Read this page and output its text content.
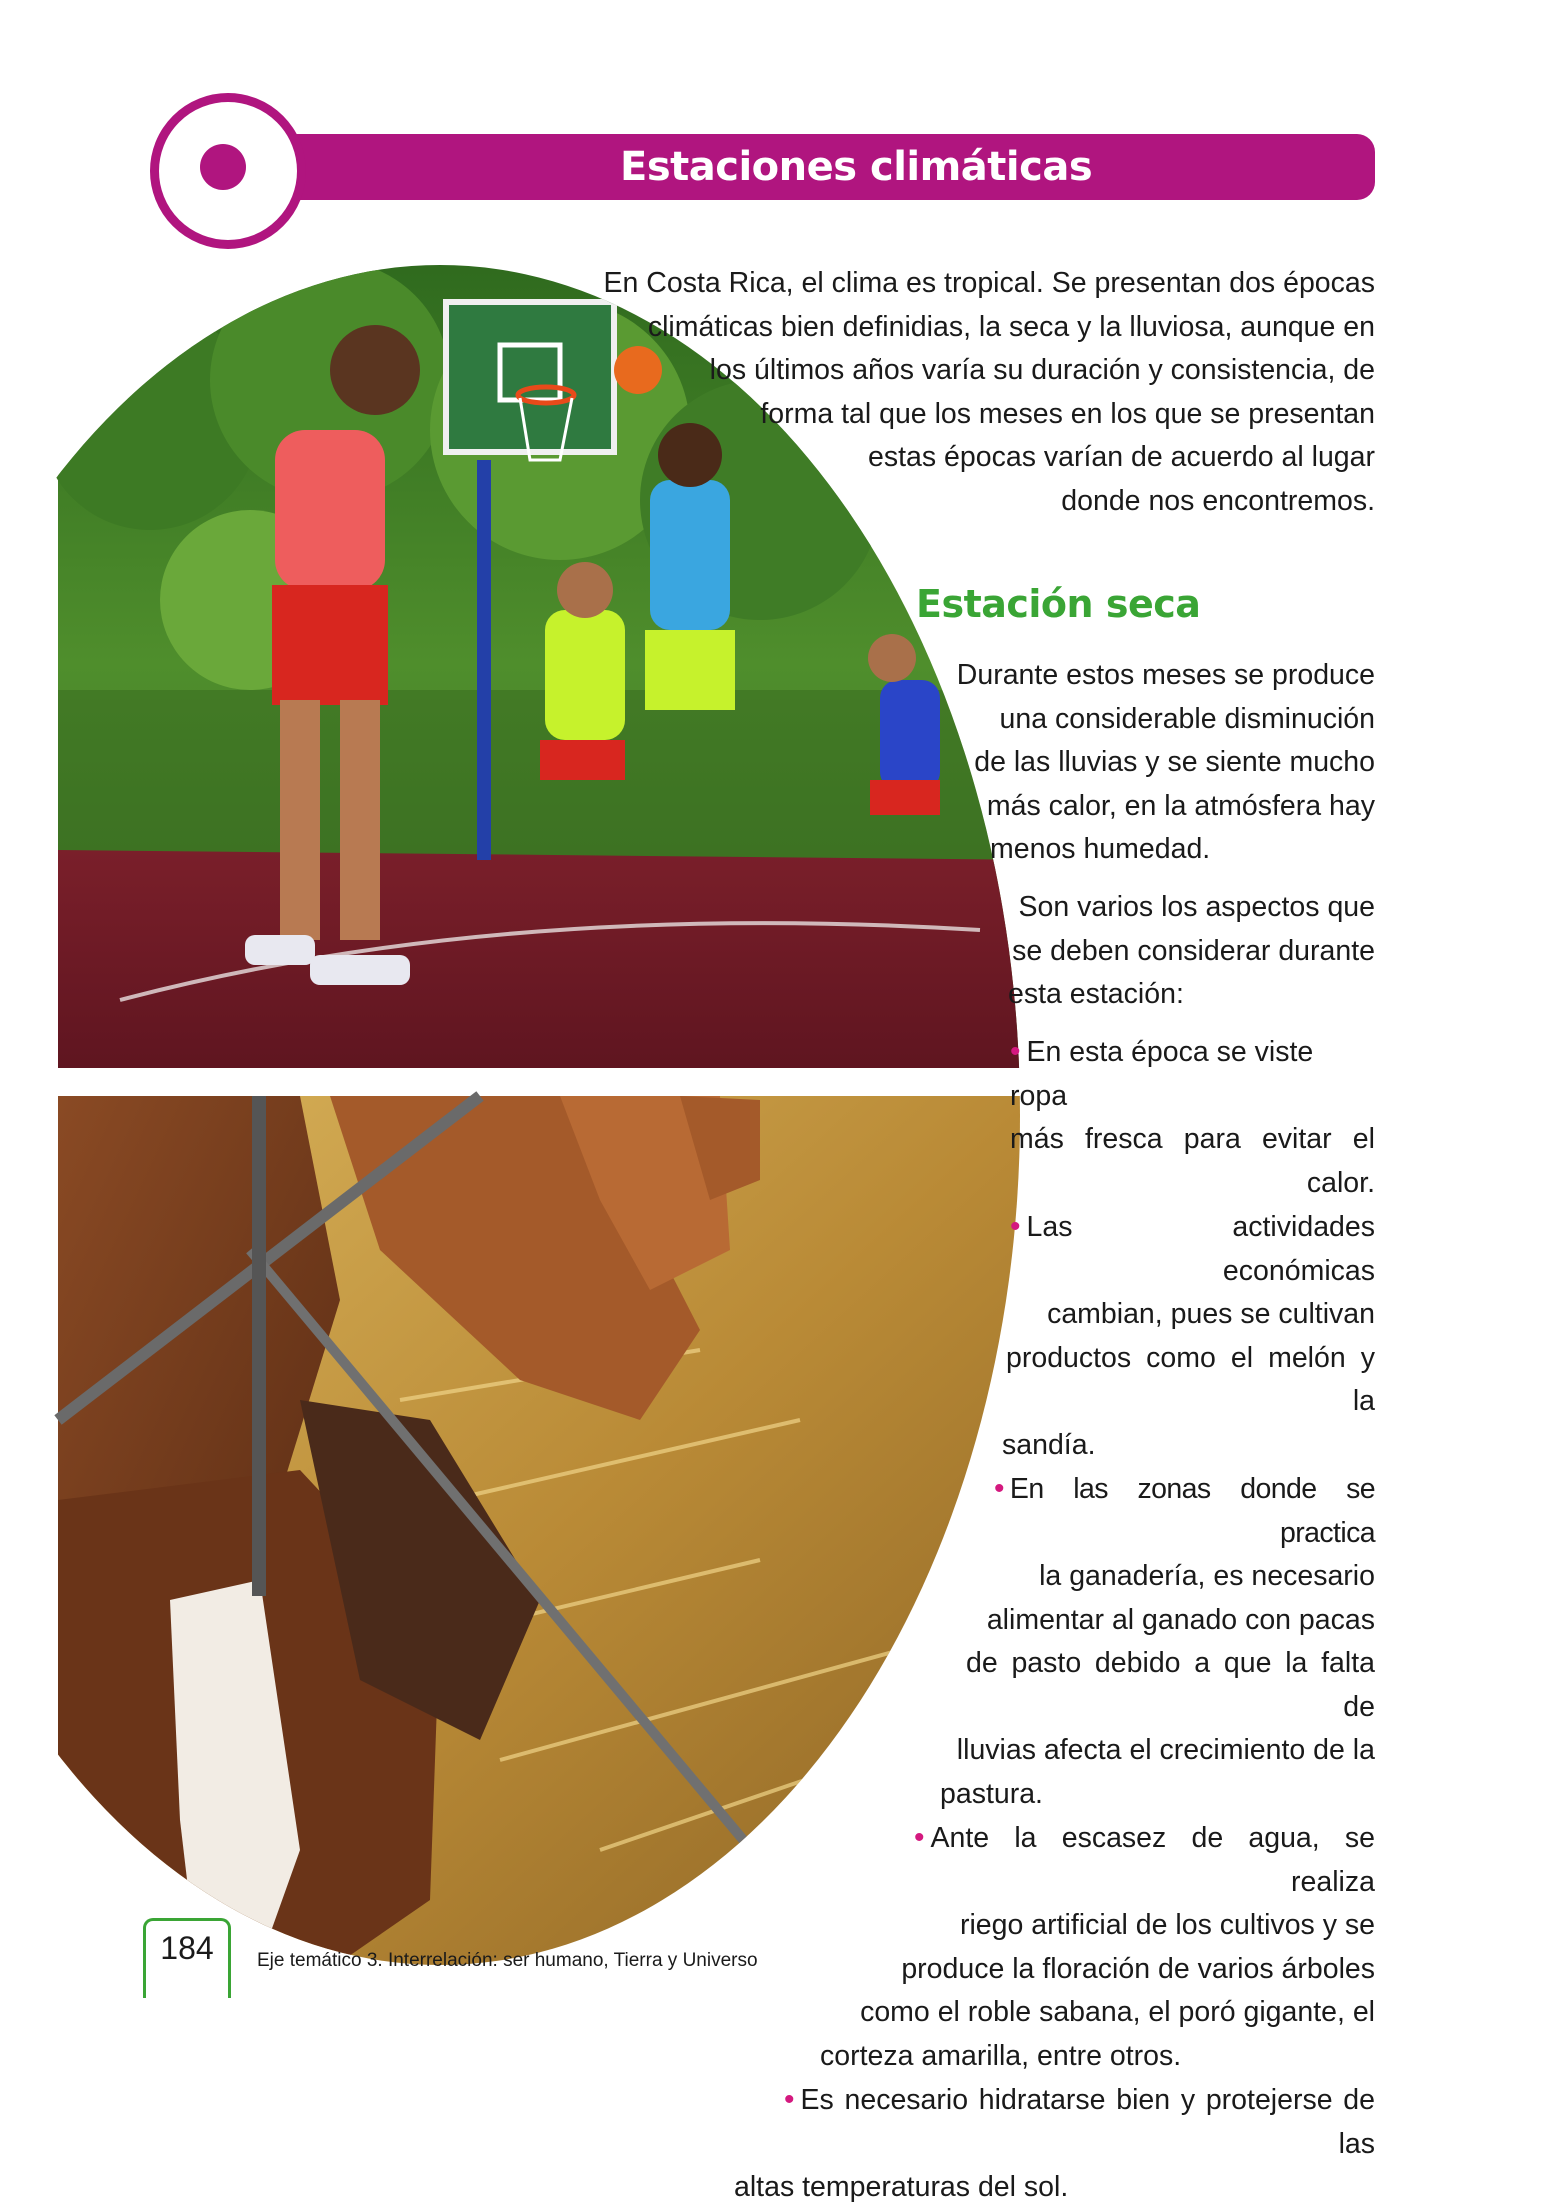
Estaciones climáticas

En Costa Rica, el clima es tropical. Se presentan dos épocas

climáticas bien definidias, la seca y la lluviosa, aunque en

los últimos años varía su duración y consistencia, de

forma tal que los meses en los que se presentan

estas épocas varían de acuerdo al lugar

donde nos encontremos.

Estación seca

Durante estos meses se produce

una considerable disminución

de las lluvias y se siente mucho

más calor, en la atmósfera hay

menos humedad.

Son varios los aspectos que

se deben considerar durante

esta estación:

• En esta época se viste ropa

más fresca para evitar el calor.

• Las actividades económicas

cambian, pues se cultivan

productos como el melón y la

sandía.

• En las zonas donde se practica

la ganadería, es necesario

alimentar al ganado con pacas

de pasto debido a que la falta de

lluvias afecta el crecimiento de la

pastura.

• Ante la escasez de agua, se realiza

riego artificial de los cultivos y se

produce la floración de varios árboles

como el roble sabana, el poró gigante, el

corteza amarilla, entre otros.

• Es necesario hidratarse bien y protejerse de las

altas temperaturas del sol.

184	Eje temático 3. Interrelación: ser humano, Tierra y Universo
